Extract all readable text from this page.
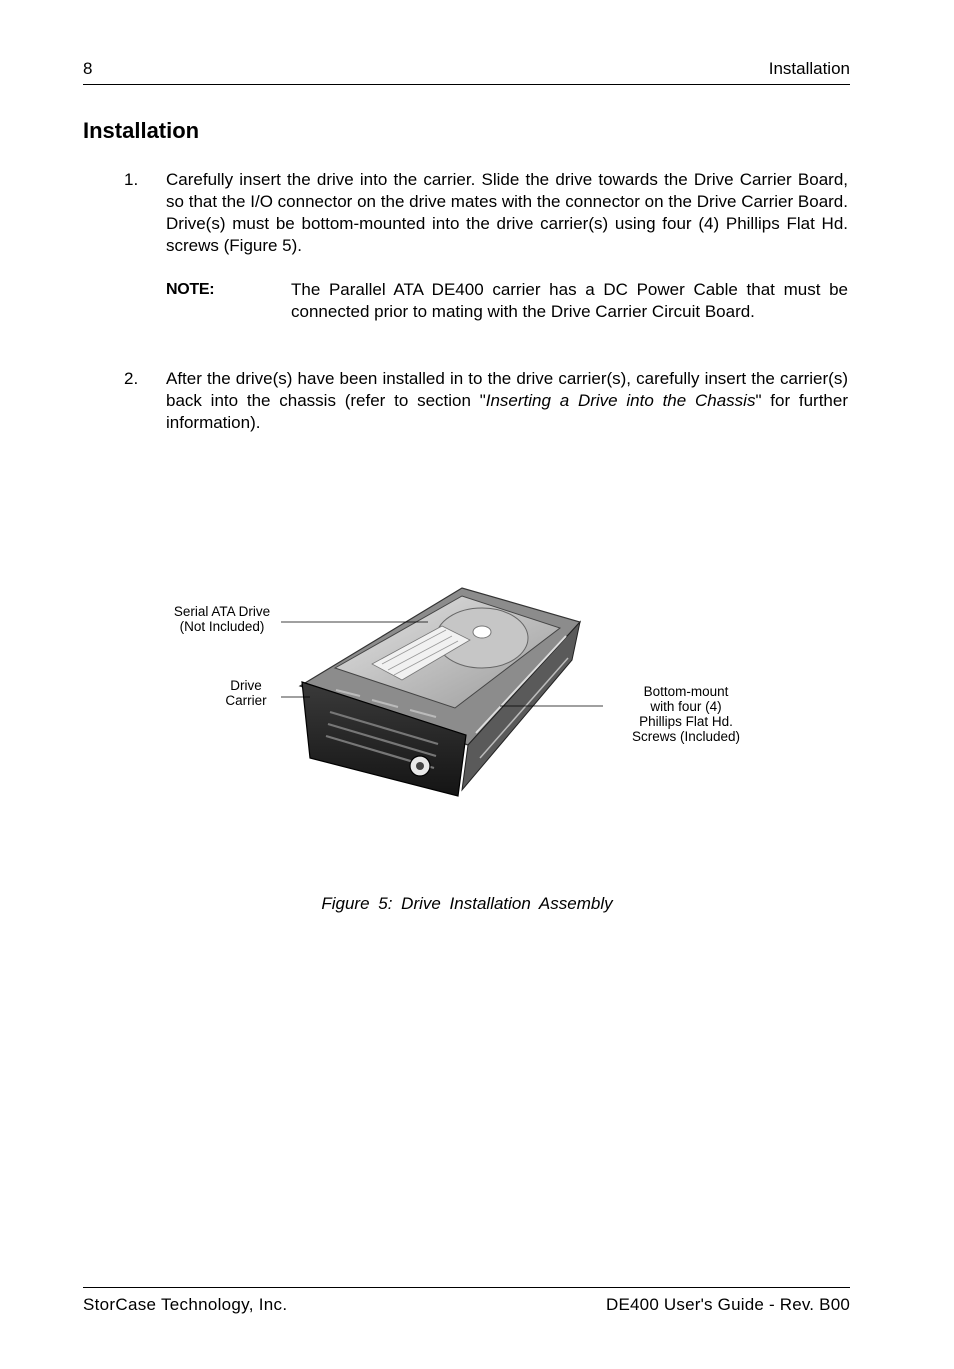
8	Installation
Installation
1. Carefully insert the drive into the carrier. Slide the drive towards the Drive Carrier Board, so that the I/O connector on the drive mates with the connector on the Drive Carrier Board. Drive(s) must be bottom-mounted into the drive carrier(s) using four (4) Phillips Flat Hd. screws (Figure 5).
NOTE:	The Parallel ATA DE400 carrier has a DC Power Cable that must be connected prior to mating with the Drive Carrier Circuit Board.
2. After the drive(s) have been installed in to the drive carrier(s), carefully insert the carrier(s) back into the chassis (refer to section "Inserting a Drive into the Chassis" for further information).
Serial ATA Drive
(Not Included)
Drive
Carrier
Bottom-mount
with four (4)
Phillips Flat Hd.
Screws (Included)
Figure 5: Drive Installation Assembly
StorCase Technology, Inc.	DE400 User's Guide - Rev. B00
